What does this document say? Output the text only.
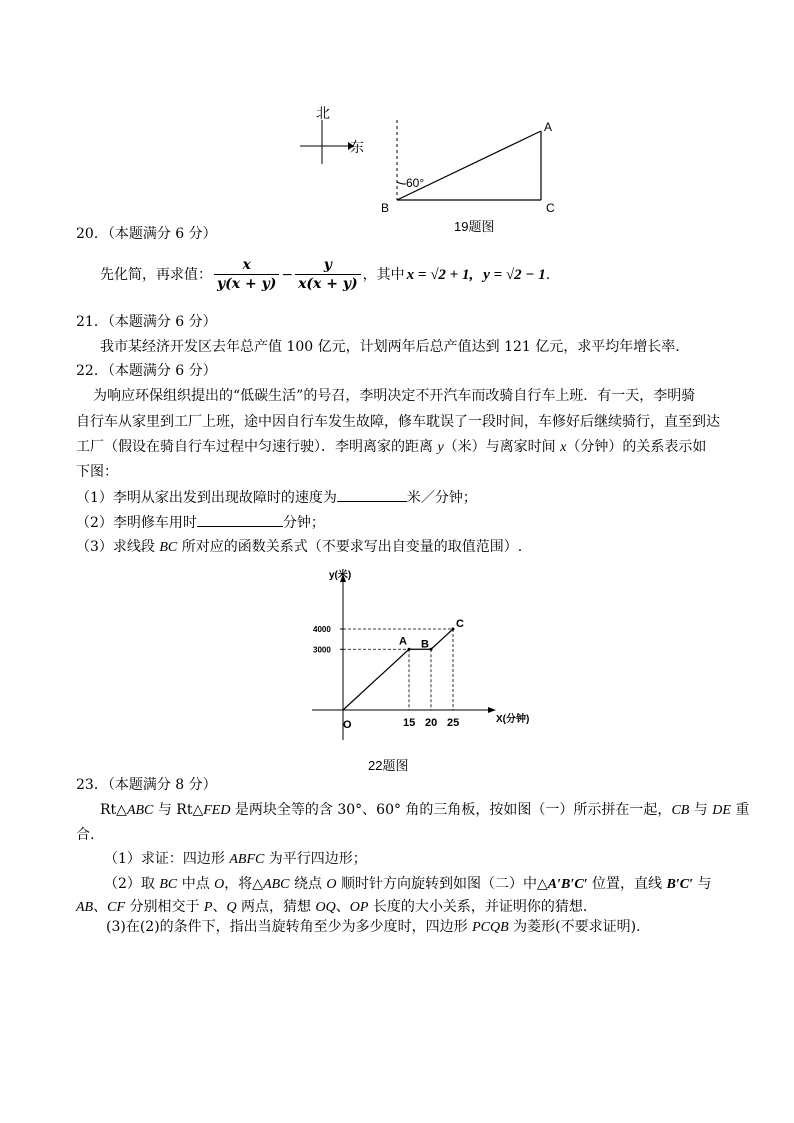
北
东
60°
A
B	C
19题图
20．（本题满分 6 分）
先化简，再求值： $\frac{x}{y(x + y)} - \frac{y}{x(x + y)}$ ，其中 x = √2 + 1, y = √2 − 1 .
21．（本题满分 6 分）
我市某经济开发区去年总产值 100 亿元，计划两年后总产值达到 121 亿元，求平均年增长率.
22．（本题满分 6 分）
为响应环保组织提出的“低碳生活”的号召，李明决定不开汽车而改骑自行车上班．有一天，李明骑
自行车从家里到工厂上班，途中因自行车发生故障，修车耽误了一段时间，车修好后继续骑行，直至到达
工厂（假设在骑自行车过程中匀速行驶）．李明离家的距离 y（米）与离家时间 x（分钟）的关系表示如
下图：
（1）李明从家出发到出现故障时的速度为	米／分钟；
（2）李明修车用时	分钟；
（3）求线段 BC 所对应的函数关系式（不要求写出自变量的取值范围）.
y(米)
X(分钟)
O
3000
4000
15 20 25
A B
C
22题图
23．（本题满分 8 分）
Rt△ABC 与 Rt△FED 是两块全等的含 30°、60° 角的三角板，按如图（一）所示拼在一起，CB 与 DE 重
合.
（1）求证：四边形 ABFC 为平行四边形；
（2）取 BC 中点 O，将△ABC 绕点 O 顺时针方向旋转到如图（二）中△A′B′C′ 位置，直线 B′C′ 与
AB、CF 分别相交于 P、Q 两点，猜想 OQ、OP 长度的大小关系，并证明你的猜想.
(3)在(2)的条件下，指出当旋转角至少为多少度时，四边形 PCQB 为菱形(不要求证明).
